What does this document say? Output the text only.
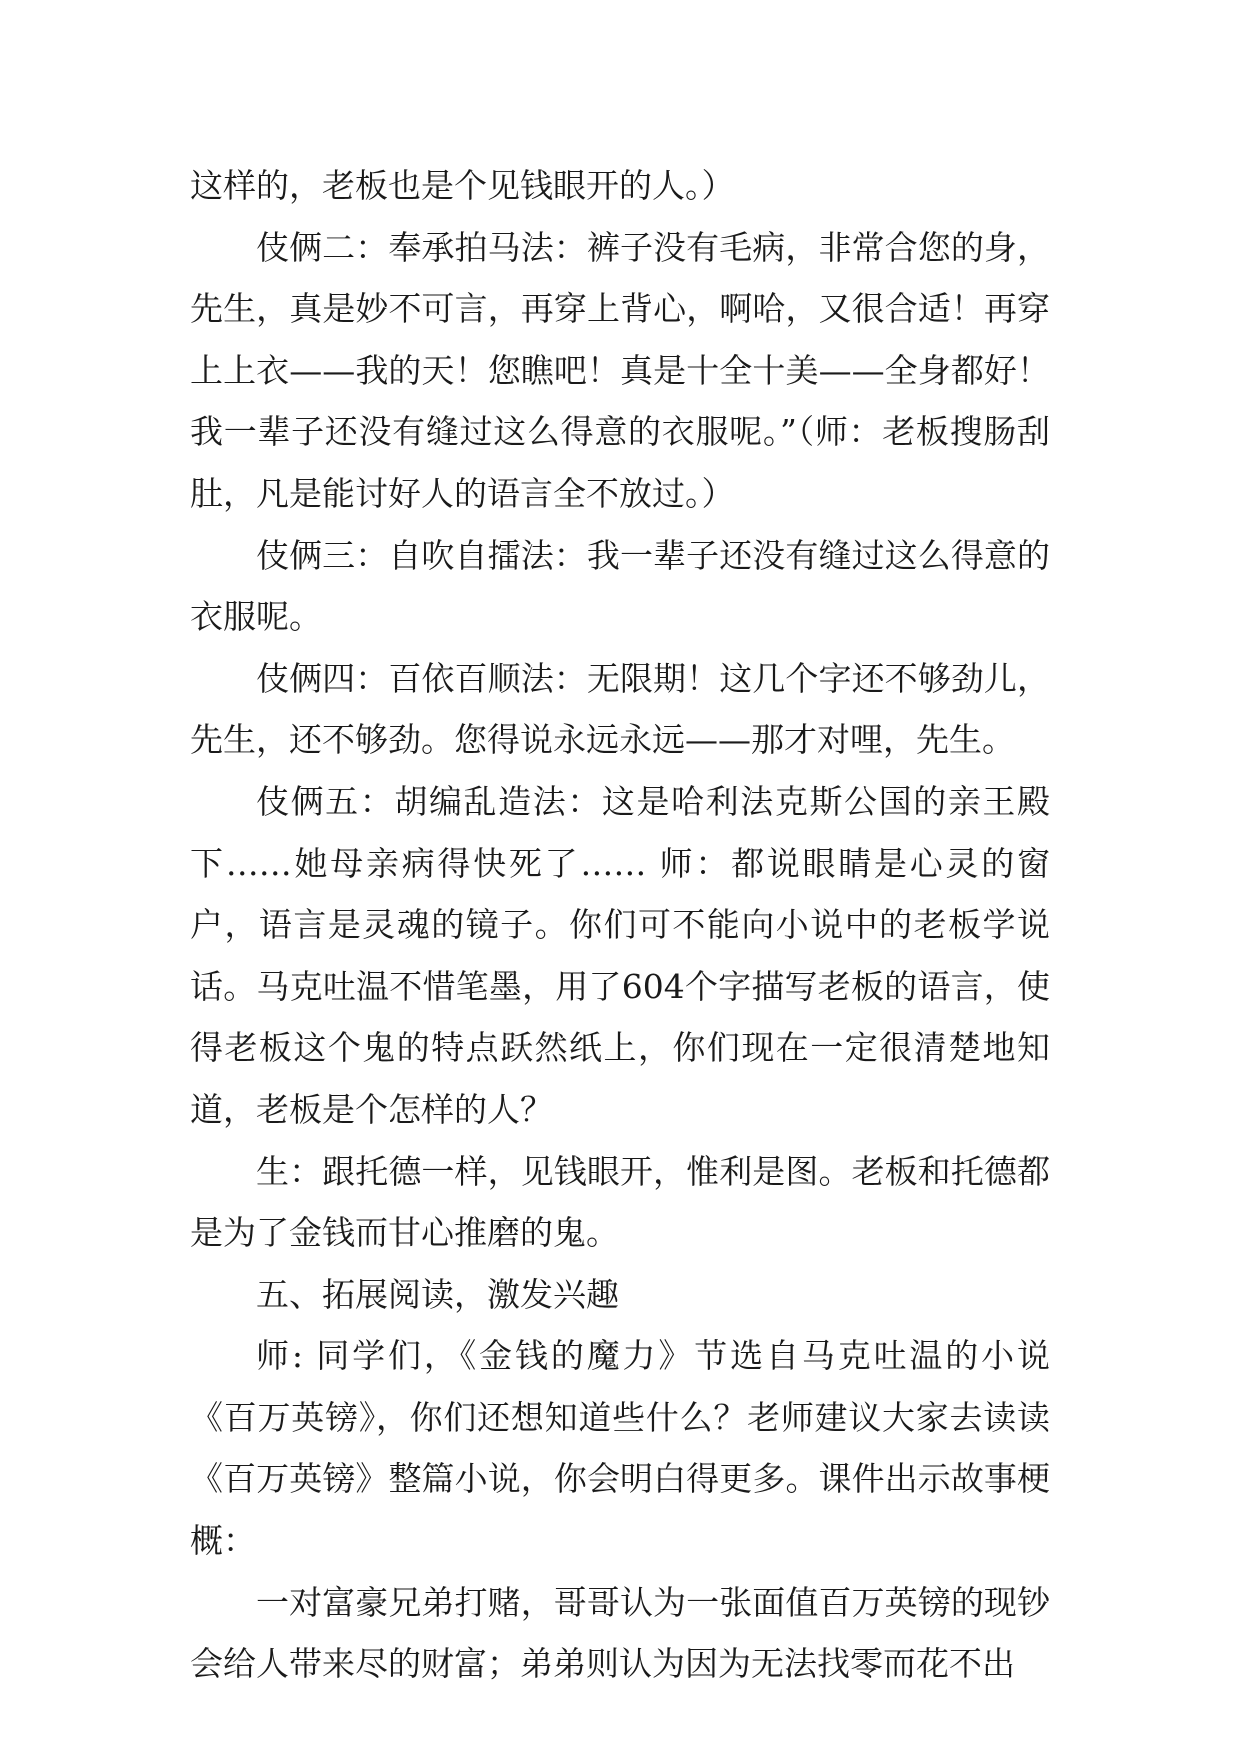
这样的，老板也是个见钱眼开的人。）

伎俩二：奉承拍马法：裤子没有毛病，非常合您的身，先生，真是妙不可言，再穿上背心，啊哈，又很合适！再穿上上衣——我的天！您瞧吧！真是十全十美——全身都好！我一辈子还没有缝过这么得意的衣服呢。”（师：老板搜肠刮肚，凡是能讨好人的语言全不放过。）

伎俩三：自吹自擂法：我一辈子还没有缝过这么得意的衣服呢。

伎俩四：百依百顺法：无限期！这几个字还不够劲儿，先生，还不够劲。您得说永远永远——那才对哩，先生。

伎俩五：胡编乱造法：这是哈利法克斯公国的亲王殿下……她母亲病得快死了…… 师：都说眼睛是心灵的窗户，语言是灵魂的镜子。你们可不能向小说中的老板学说话。马克吐温不惜笔墨，用了604个字描写老板的语言，使得老板这个鬼的特点跃然纸上，你们现在一定很清楚地知道，老板是个怎样的人？

生：跟托德一样，见钱眼开，惟利是图。老板和托德都是为了金钱而甘心推磨的鬼。

五、拓展阅读，激发兴趣

师: 同学们，《金钱的魔力》节选自马克吐温的小说《百万英镑》，你们还想知道些什么？老师建议大家去读读《百万英镑》整篇小说，你会明白得更多。课件出示故事梗概：

一对富豪兄弟打赌，哥哥认为一张面值百万英镑的现钞会给人带来尽的财富；弟弟则认为因为无法找零而花不出
